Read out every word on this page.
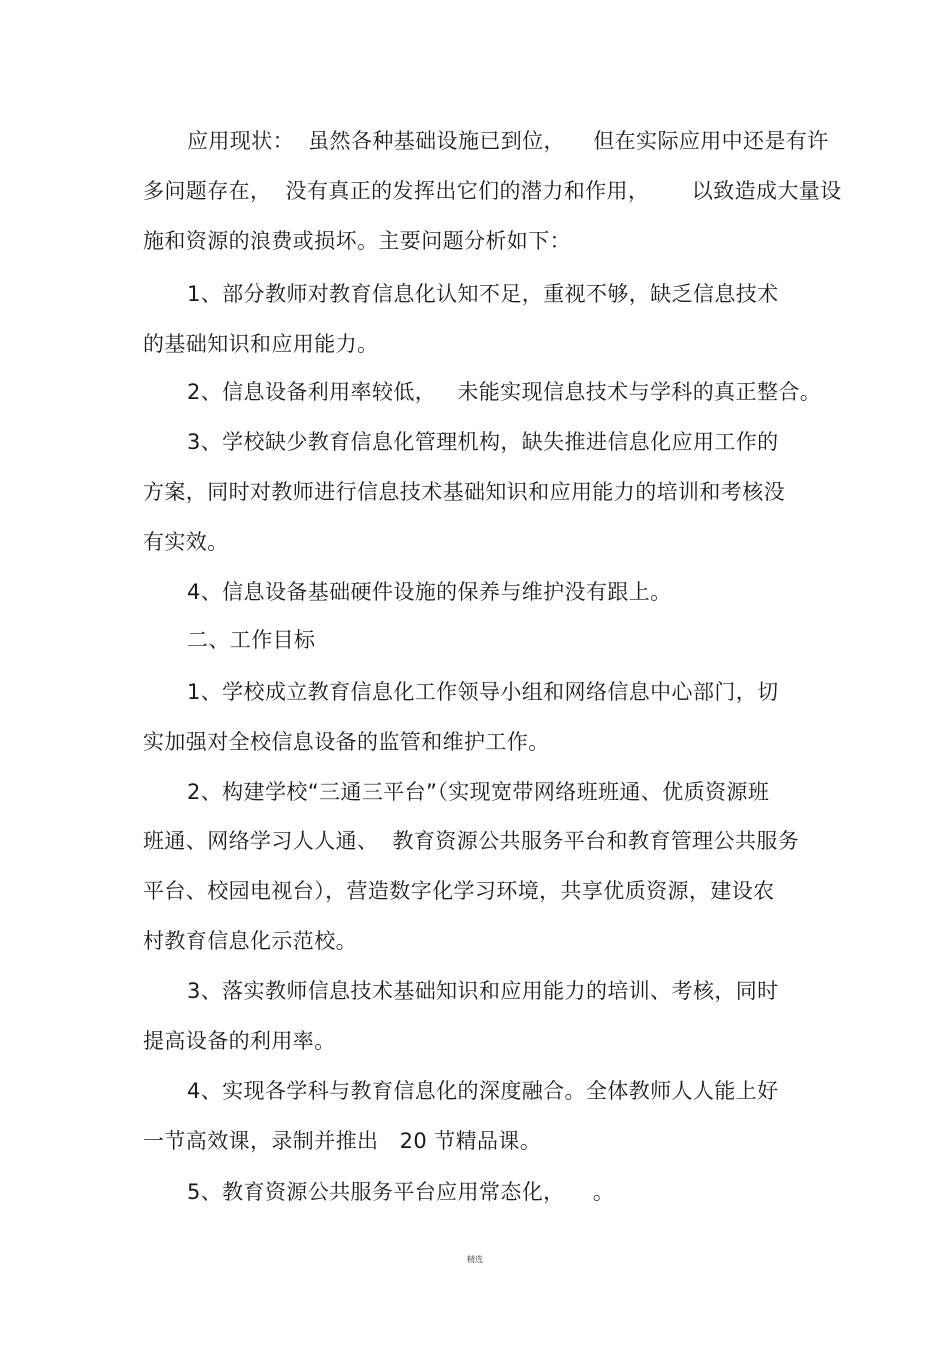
应用现状：  虽然各种基础设施已到位，    但在实际应用中还是有许
多问题存在，  没有真正的发挥出它们的潜力和作用，      以致造成大量设
施和资源的浪费或损坏。主要问题分析如下：
1、部分教师对教育信息化认知不足，重视不够，缺乏信息技术
的基础知识和应用能力。
2、信息设备利用率较低，   未能实现信息技术与学科的真正整合。
3、学校缺少教育信息化管理机构，缺失推进信息化应用工作的
方案，同时对教师进行信息技术基础知识和应用能力的培训和考核没
有实效。
4、信息设备基础硬件设施的保养与维护没有跟上。
二、工作目标
1、学校成立教育信息化工作领导小组和网络信息中心部门，切
实加强对全校信息设备的监管和维护工作。
2、构建学校“三通三平台”（实现宽带网络班班通、优质资源班
班通、网络学习人人通、  教育资源公共服务平台和教育管理公共服务
平台、校园电视台），营造数字化学习环境，共享优质资源，建设农
村教育信息化示范校。
3、落实教师信息技术基础知识和应用能力的培训、考核，同时
提高设备的利用率。
4、实现各学科与教育信息化的深度融合。全体教师人人能上好
一节高效课，录制并推出   20 节精品课。
5、教育资源公共服务平台应用常态化，    。
精选
